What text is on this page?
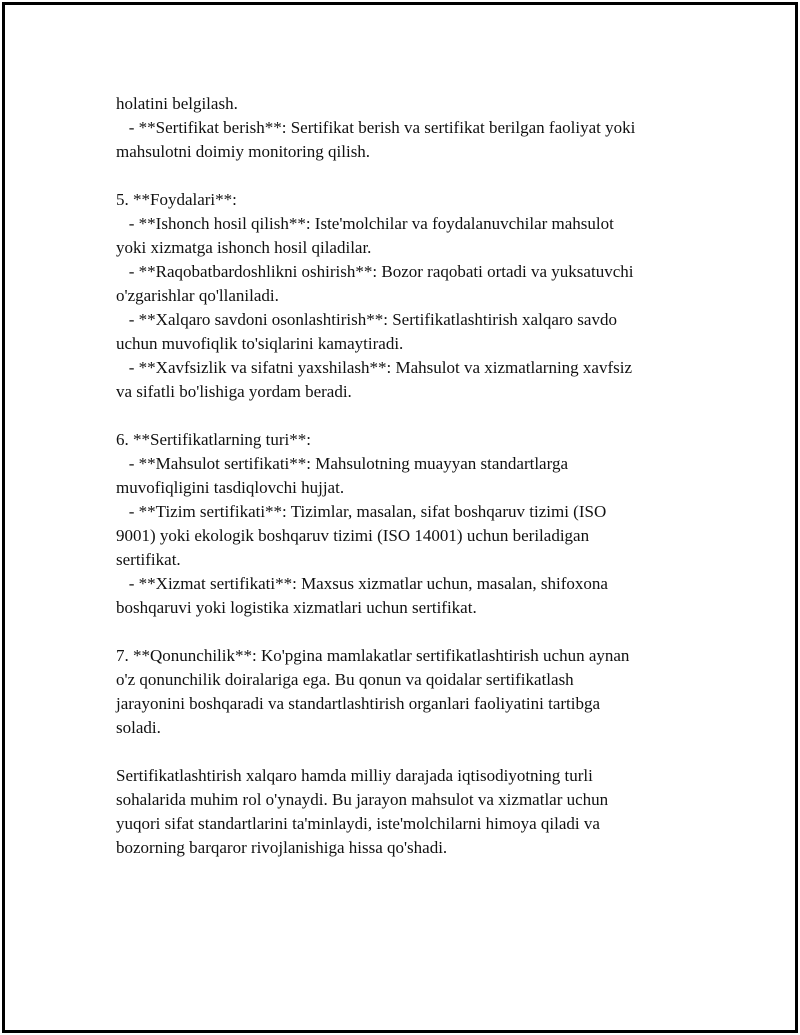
holatini belgilash.
- **Sertifikat berish**: Sertifikat berish va sertifikat berilgan faoliyat yoki
mahsulotni doimiy monitoring qilish.
5. **Foydalari**:
- **Ishonch hosil qilish**: Iste'molchilar va foydalanuvchilar mahsulot
yoki xizmatga ishonch hosil qiladilar.
- **Raqobatbardoshlikni oshirish**: Bozor raqobati ortadi va yuksatuvchi
o'zgarishlar qo'llaniladi.
- **Xalqaro savdoni osonlashtirish**: Sertifikatlashtirish xalqaro savdo
uchun muvofiqlik to'siqlarini kamaytiradi.
- **Xavfsizlik va sifatni yaxshilash**: Mahsulot va xizmatlarning xavfsiz
va sifatli bo'lishiga yordam beradi.
6. **Sertifikatlarning turi**:
- **Mahsulot sertifikati**: Mahsulotning muayyan standartlarga
muvofiqligini tasdiqlovchi hujjat.
- **Tizim sertifikati**: Tizimlar, masalan, sifat boshqaruv tizimi (ISO
9001) yoki ekologik boshqaruv tizimi (ISO 14001) uchun beriladigan
sertifikat.
- **Xizmat sertifikati**: Maxsus xizmatlar uchun, masalan, shifoxona
boshqaruvi yoki logistika xizmatlari uchun sertifikat.
7. **Qonunchilik**: Ko'pgina mamlakatlar sertifikatlashtirish uchun aynan
o'z qonunchilik doiralariga ega. Bu qonun va qoidalar sertifikatlash
jarayonini boshqaradi va standartlashtirish organlari faoliyatini tartibga
soladi.
Sertifikatlashtirish xalqaro hamda milliy darajada iqtisodiyotning turli
sohalarida muhim rol o'ynaydi. Bu jarayon mahsulot va xizmatlar uchun
yuqori sifat standartlarini ta'minlaydi, iste'molchilarni himoya qiladi va
bozorning barqaror rivojlanishiga hissa qo'shadi.
